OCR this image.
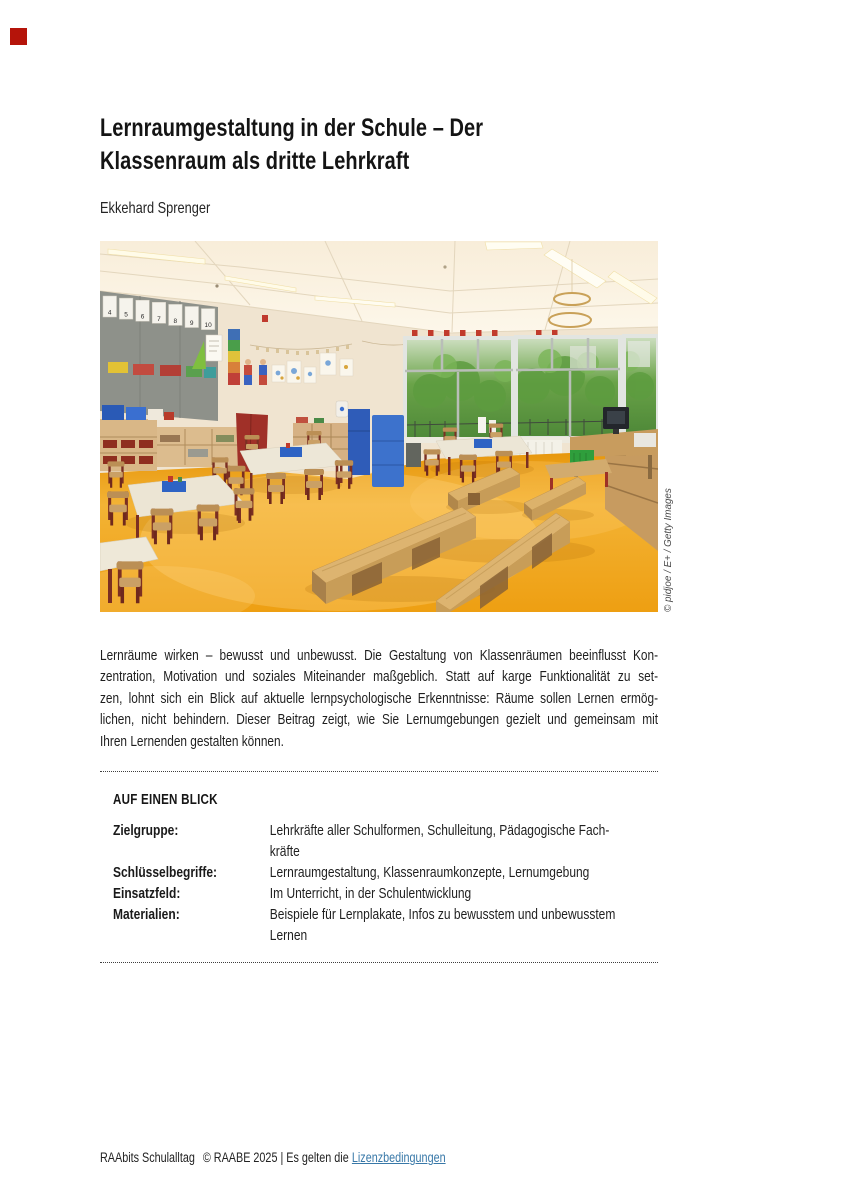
Lernraumgestaltung in der Schule – Der
Klassenraum als dritte Lehrkraft
Ekkehard Sprenger
4 5 6 7 8 9 10
© pidjoe / E+ / Getty Images
Lernräume wirken – bewusst und unbewusst. Die Gestaltung von Klassenräumen beeinflusst Kon-
zentration, Motivation und soziales Miteinander maßgeblich. Statt auf karge Funktionalität zu set-
zen, lohnt sich ein Blick auf aktuelle lernpsychologische Erkenntnisse: Räume sollen Lernen ermög-
lichen, nicht behindern. Dieser Beitrag zeigt, wie Sie Lernumgebungen gezielt und gemeinsam mit
Ihren Lernenden gestalten können.
AUF EINEN BLICK
Zielgruppe:	Lehrkräfte aller Schulformen, Schulleitung, Pädagogische Fach-
kräfte
Schlüsselbegriffe:	Lernraumgestaltung, Klassenraumkonzepte, Lernumgebung
Einsatzfeld:	Im Unterricht, in der Schulentwicklung
Materialien:	Beispiele für Lernplakate, Infos zu bewusstem und unbewusstem
Lernen
RAAbits Schulalltag © RAABE 2025 | Es gelten die Lizenzbedingungen
